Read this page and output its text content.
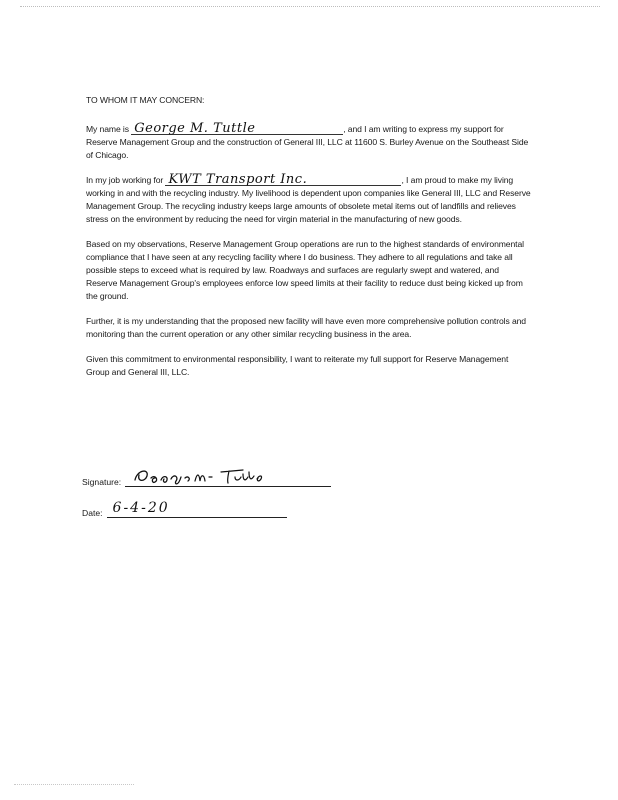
TO WHOM IT MAY CONCERN:

My name is George M. Tuttle	, and I am writing to express my support for Reserve Management Group and the construction of General III, LLC at 11600 S. Burley Avenue on the Southeast Side of Chicago.

In my job working for KWT Transport Inc.	, I am proud to make my living working in and with the recycling industry. My livelihood is dependent upon companies like General III, LLC and Reserve Management Group. The recycling industry keeps large amounts of obsolete metal items out of landfills and relieves stress on the environment by reducing the need for virgin material in the manufacturing of new goods.

Based on my observations, Reserve Management Group operations are run to the highest standards of environmental compliance that I have seen at any recycling facility where I do business. They adhere to all regulations and take all possible steps to exceed what is required by law. Roadways and surfaces are regularly swept and watered, and Reserve Management Group's employees enforce low speed limits at their facility to reduce dust being kicked up from the ground.

Further, it is my understanding that the proposed new facility will have even more comprehensive pollution controls and monitoring than the current operation or any other similar recycling business in the area.

Given this commitment to environmental responsibility, I want to reiterate my full support for Reserve Management Group and General III, LLC.

Signature:
Date: 6-4-20
